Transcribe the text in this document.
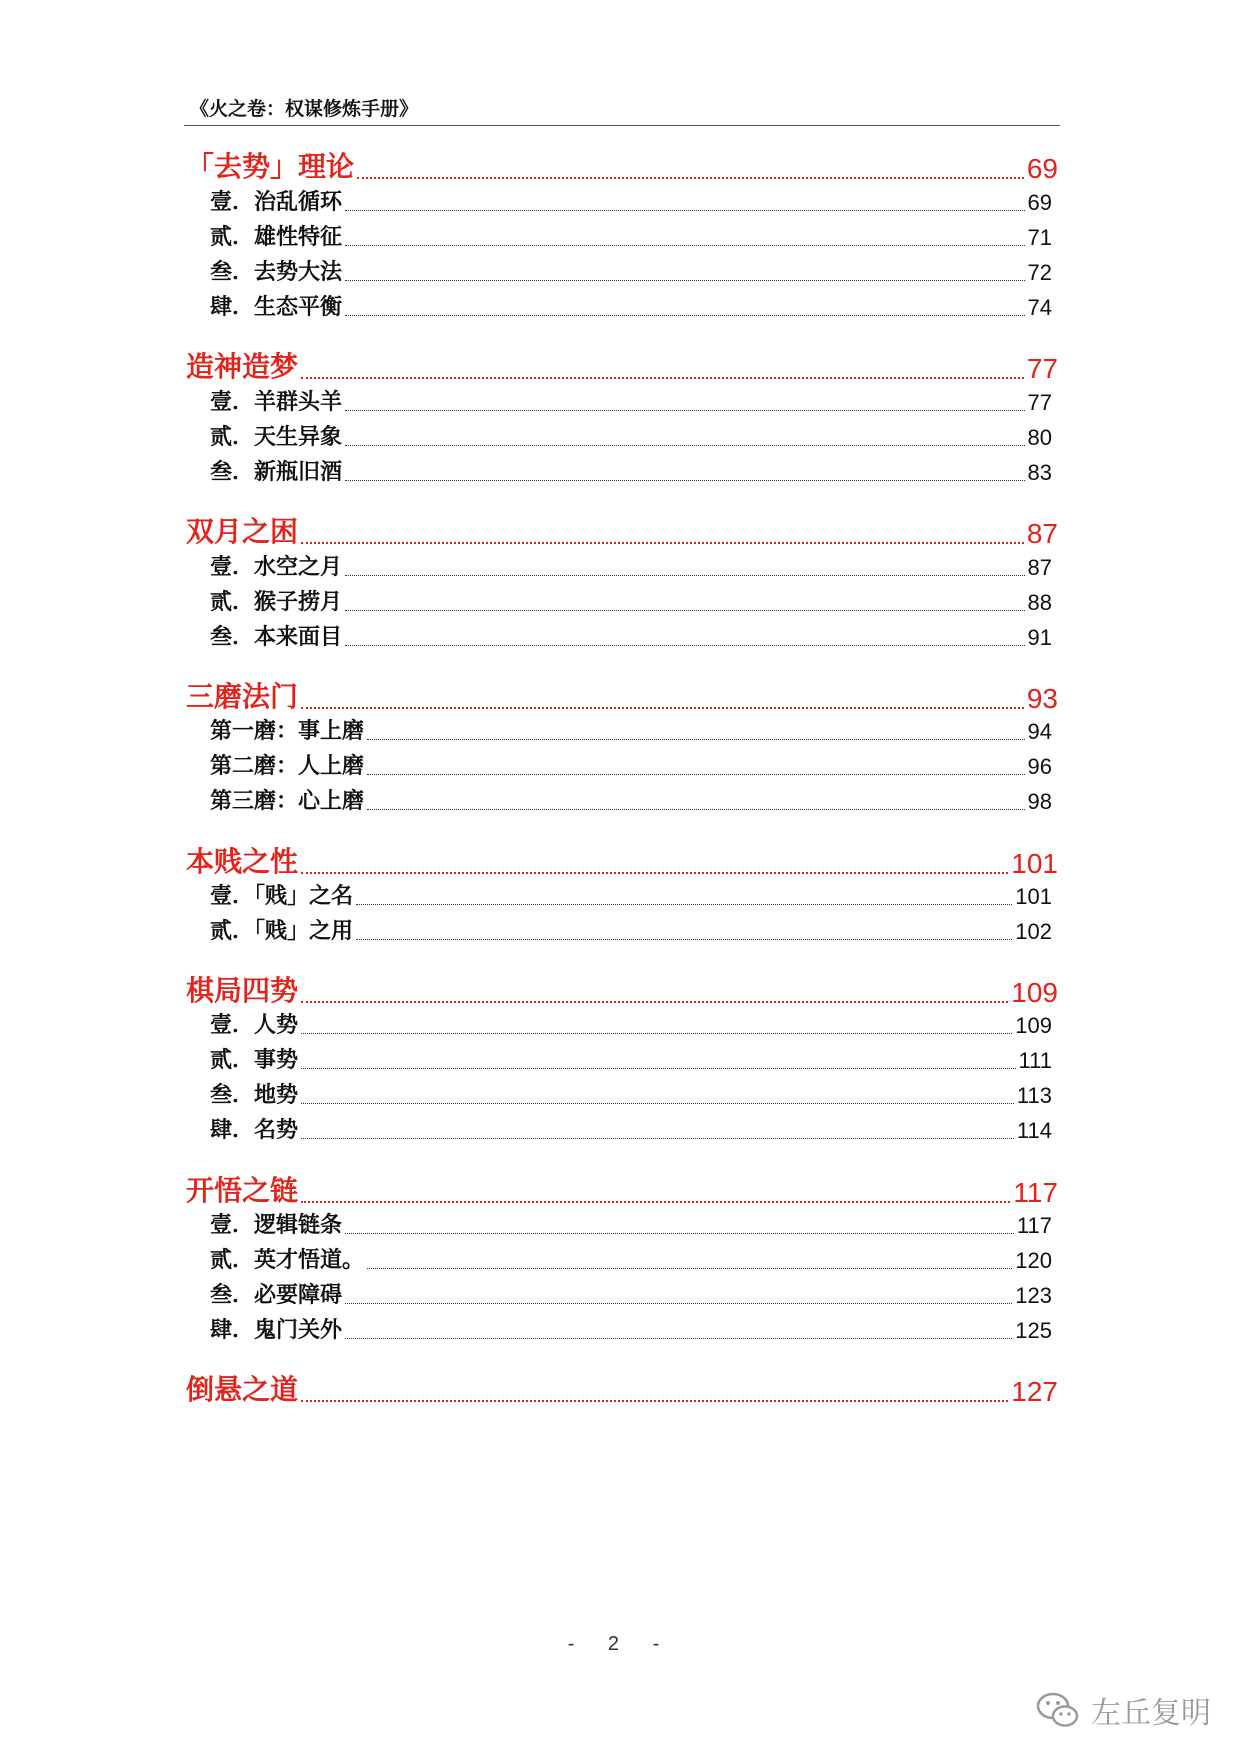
《火之卷：权谋修炼手册》
「去势」理论	69
壹．治乱循环	69
贰．雄性特征	71
叁．去势大法	72
肆．生态平衡	74
造神造梦	77
壹．羊群头羊	77
贰．天生异象	80
叁．新瓶旧酒	83
双月之困	87
壹．水空之月	87
贰．猴子捞月	88
叁．本来面目	91
三磨法门	93
第一磨：事上磨	94
第二磨：人上磨	96
第三磨：心上磨	98
本贱之性	101
壹．「贱」之名	101
贰．「贱」之用	102
棋局四势	109
壹．人势	109
贰．事势	111
叁．地势	113
肆．名势	114
开悟之链	117
壹．逻辑链条	117
贰．英才悟道。	120
叁．必要障碍	123
肆．鬼门关外	125
倒悬之道	127
- 2 -
左丘复明
